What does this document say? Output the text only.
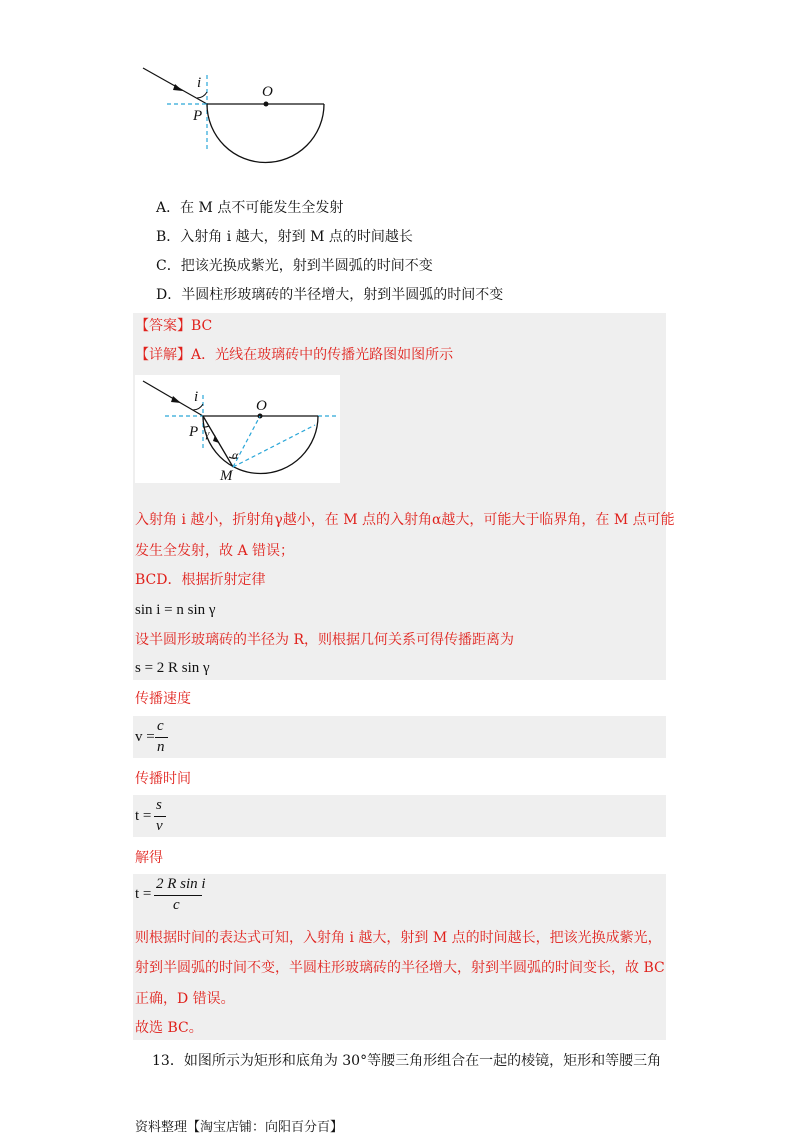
i
O
P
A．在 M 点不可能发生全发射
B．入射角 i 越大，射到 M 点的时间越长
C．把该光换成紫光，射到半圆弧的时间不变
D．半圆柱形玻璃砖的半径增大，射到半圆弧的时间不变
【答案】BC
【详解】A．光线在玻璃砖中的传播光路图如图所示
i
O
P γ
α
M
入射角 i 越小，折射角γ越小，在 M 点的入射角α越大，可能大于临界角，在 M 点可能
发生全发射，故 A 错误；
BCD．根据折射定律
sin i = n sin γ
设半圆形玻璃砖的半径为 R，则根据几何关系可得传播距离为
s = 2 R sin γ
传播速度
v =
c
n
传播时间
t =
s
v
解得
t =
2 R sin i
c
则根据时间的表达式可知，入射角 i 越大，射到 M 点的时间越长，把该光换成紫光，
射到半圆弧的时间不变，半圆柱形玻璃砖的半径增大，射到半圆弧的时间变长，故 BC
正确，D 错误。
故选 BC。
13．如图所示为矩形和底角为 30°等腰三角形组合在一起的棱镜，矩形和等腰三角
资料整理【淘宝店铺：向阳百分百】
